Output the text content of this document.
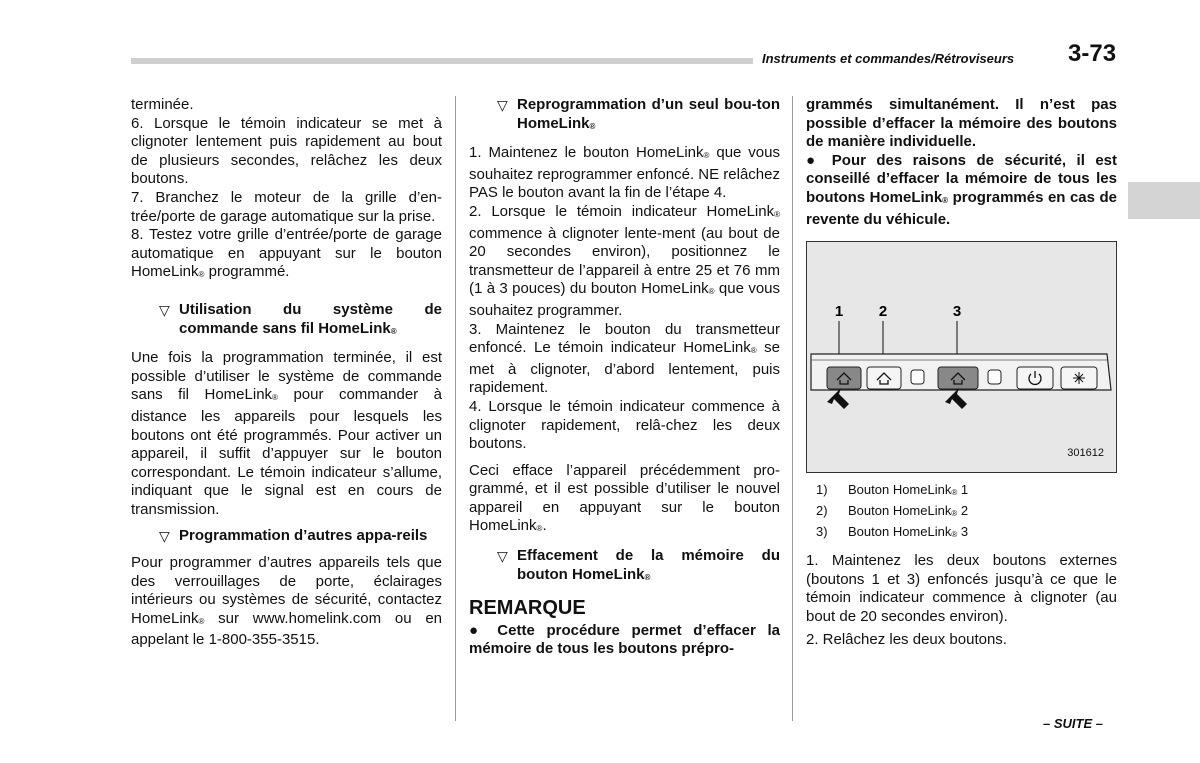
Instruments et commandes/Rétroviseurs 3-73

terminée.

6. Lorsque le témoin indicateur se met à clignoter lentement puis rapidement au bout de plusieurs secondes, relâchez les deux boutons.

7. Branchez le moteur de la grille d’en-trée/porte de garage automatique sur la prise.

8. Testez votre grille d’entrée/porte de garage automatique en appuyant sur le bouton HomeLink® programmé.

▽ Utilisation du système de commande sans fil HomeLink®

Une fois la programmation terminée, il est possible d’utiliser le système de commande sans fil HomeLink® pour commander à distance les appareils pour lesquels les boutons ont été programmés. Pour activer un appareil, il suffit d’appuyer sur le bouton correspondant. Le témoin indicateur s’allume, indiquant que le signal est en cours de transmission.

▽ Programmation d’autres appa-reils

Pour programmer d’autres appareils tels que des verrouillages de porte, éclairages intérieurs ou systèmes de sécurité, contactez HomeLink® sur www.homelink.com ou en appelant le 1-800-355-3515.

▽ Reprogrammation d’un seul bou-ton HomeLink®

1. Maintenez le bouton HomeLink® que vous souhaitez reprogrammer enfoncé. NE relâchez PAS le bouton avant la fin de l’étape 4.

2. Lorsque le témoin indicateur HomeLink® commence à clignoter lente-ment (au bout de 20 secondes environ), positionnez le transmetteur de l’appareil à entre 25 et 76 mm (1 à 3 pouces) du bouton HomeLink® que vous souhaitez programmer.

3. Maintenez le bouton du transmetteur enfoncé. Le témoin indicateur HomeLink® se met à clignoter, d’abord lentement, puis rapidement.

4. Lorsque le témoin indicateur commence à clignoter rapidement, relâ-chez les deux boutons.

Ceci efface l’appareil précédemment pro-grammé, et il est possible d’utiliser le nouvel appareil en appuyant sur le bouton HomeLink®.

▽ Effacement de la mémoire du bouton HomeLink®
REMARQUE

● Cette procédure permet d’effacer la mémoire de tous les boutons prépro-

grammés simultanément. Il n’est pas possible d’effacer la mémoire des boutons de manière individuelle.

● Pour des raisons de sécurité, il est conseillé d’effacer la mémoire de tous les boutons HomeLink® programmés en cas de revente du véhicule.

1 2	3
301612
1)	Bouton HomeLink® 1
2)	Bouton HomeLink® 2
3)	Bouton HomeLink® 3

1. Maintenez les deux boutons externes (boutons 1 et 3) enfoncés jusqu’à ce que le témoin indicateur commence à clignoter (au bout de 20 secondes environ).

2. Relâchez les deux boutons.

– SUITE –
